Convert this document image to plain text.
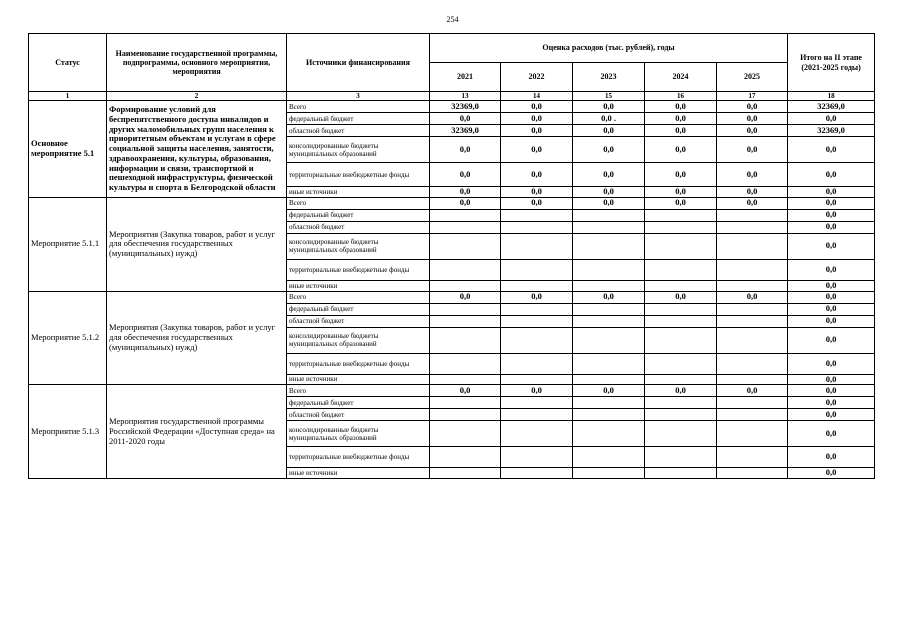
254
Статус	Наименование государственной программы, подпрограммы, основного мероприятия, мероприятия	Источники финансирования	Оценка расходов (тыс. рублей), годы					Итого на II этапе (2021-2025 годы)
			2021	2022	2023	2024	2025	
1	2	3	13	14	15	16	17	18
Основное мероприятие 5.1	Формирование условий для беспрепятственного доступа инвалидов и других маломобильных групп населения к приоритетным объектам и услугам в сфере социальной защиты населения, занятости, здравоохранения, культуры, образования, информации и связи, транспортной и пешеходной инфраструктуры, физической культуры и спорта в Белгородской области	Всего	32369,0	0,0	0,0	0,0	0,0	32369,0
		федеральный бюджет	0,0	0,0	0,0 .	0,0	0,0	0,0
		областной бюджет	32369,0	0,0	0,0	0,0	0,0	32369,0
		консолидированные бюджеты муниципальных образований	0,0	0,0	0,0	0,0	0,0	0,0
		территориальные внебюджетные фонды	0,0	0,0	0,0	0,0	0,0	0,0
		иные источники	0,0	0,0	0,0	0,0	0,0	0,0
Мероприятие 5.1.1	Мероприятия (Закупка товаров, работ и услуг для обеспечения государственных (муниципальных) нужд)	Всего	0,0	0,0	0,0	0,0	0,0	0,0
		федеральный бюджет						0,0
		областной бюджет						0,0
		консолидированные бюджеты муниципальных образований						0,0
		территориальные внебюджетные фонды						0,0
		иные источники						0,0
Мероприятие 5.1.2	Мероприятия (Закупка товаров, работ и услуг для обеспечения государственных (муниципальных) нужд)	Всего	0,0	0,0	0,0	0,0	0,0	0,0
		федеральный бюджет						0,0
		областной бюджет						0,0
		консолидированные бюджеты муниципальных образований						0,0
		территориальные внебюджетные фонды						0,0
		иные источники						0,0
Мероприятие 5.1.3	Мероприятия государственной программы Российской Федерации «Доступная среда» на 2011-2020 годы	Всего	0,0	0,0	0,0	0,0	0,0	0,0
		федеральный бюджет						0,0
		областной бюджет						0,0
		консолидированные бюджеты муниципальных образований						0,0
		территориальные внебюджетные фонды						0,0
		иные источники						0,0
